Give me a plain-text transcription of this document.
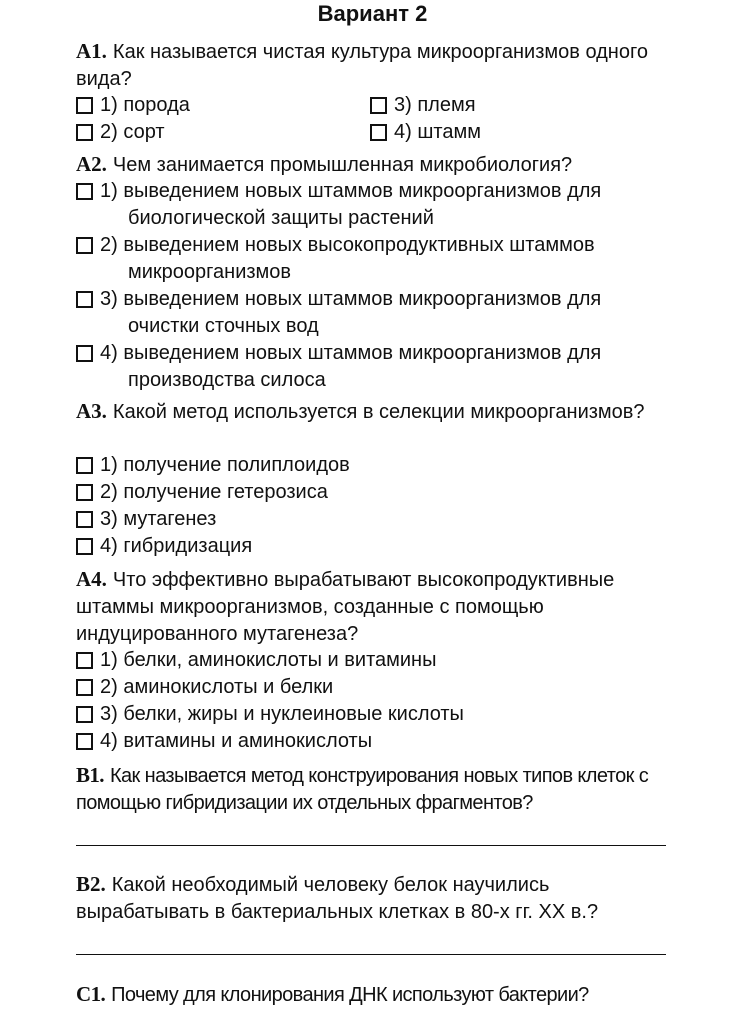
Вариант 2
А1. Как называется чистая культура микроорганизмов одного вида?
1) порода
2) сорт
3) племя
4) штамм
А2. Чем занимается промышленная микробиология?
1) выведением новых штаммов микроорганизмов для
биологической защиты растений
2) выведением новых высокопродуктивных штаммов
микроорганизмов
3) выведением новых штаммов микроорганизмов для
очистки сточных вод
4) выведением новых штаммов микроорганизмов для
производства силоса
А3. Какой метод используется в селекции микроорганизмов?
1) получение полиплоидов
2) получение гетерозиса
3) мутагенез
4) гибридизация
А4. Что эффективно вырабатывают высокопродуктивные штаммы микроорганизмов, созданные с помощью индуцированного мутагенеза?
1) белки, аминокислоты и витамины
2) аминокислоты и белки
3) белки, жиры и нуклеиновые кислоты
4) витамины и аминокислоты
В1. Как называется метод конструирования новых типов клеток с помощью гибридизации их отдельных фрагментов?
В2. Какой необходимый человеку белок научились вырабатывать в бактериальных клетках в 80-х гг. XX в.?
С1. Почему для клонирования ДНК используют бактерии?
